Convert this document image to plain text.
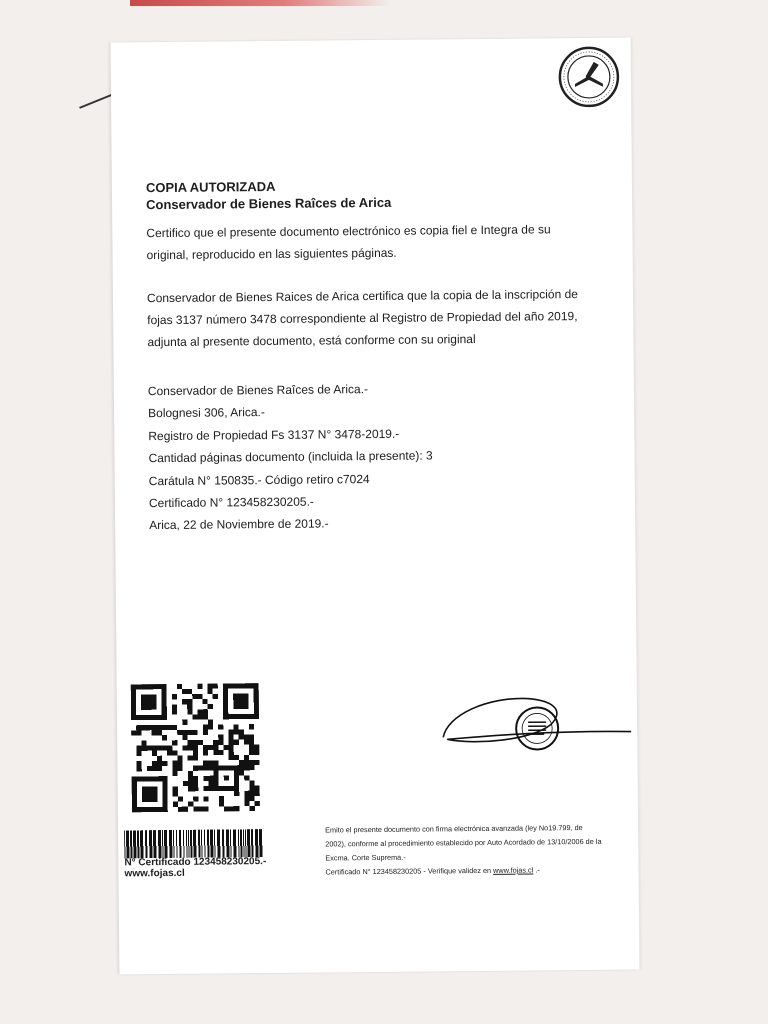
COPIA AUTORIZADA

Conservador de Bienes Raîces de Arica

Certifico que el presente documento electrónico es copia fiel e Integra de su original, reproducido en las siguientes páginas.

Conservador de Bienes Raices de Arica certifica que la copia de la inscripción de fojas 3137 número 3478 correspondiente al Registro de Propiedad del año 2019, adjunta al presente documento, está conforme con su original

Conservador de Bienes Raîces de Arica.-
Bolognesi 306, Arica.-
Registro de Propiedad Fs 3137 N° 3478-2019.-
Cantidad páginas documento (incluida la presente): 3
Carátula N° 150835.- Código retiro c7024
Certificado N° 123458230205.-
Arica, 22 de Noviembre de 2019.-
N° Certificado 123458230205.-
www.fojas.cl
Emito el presente documento con firma electrónica avanzada (ley No19.799, de
2002), conforme al procedimiento establecido por Auto Acordado de 13/10/2006 de la
Excma. Corte Suprema.-
Certificado N° 123458230205 - Verifique validez en www.fojas.cl .-
